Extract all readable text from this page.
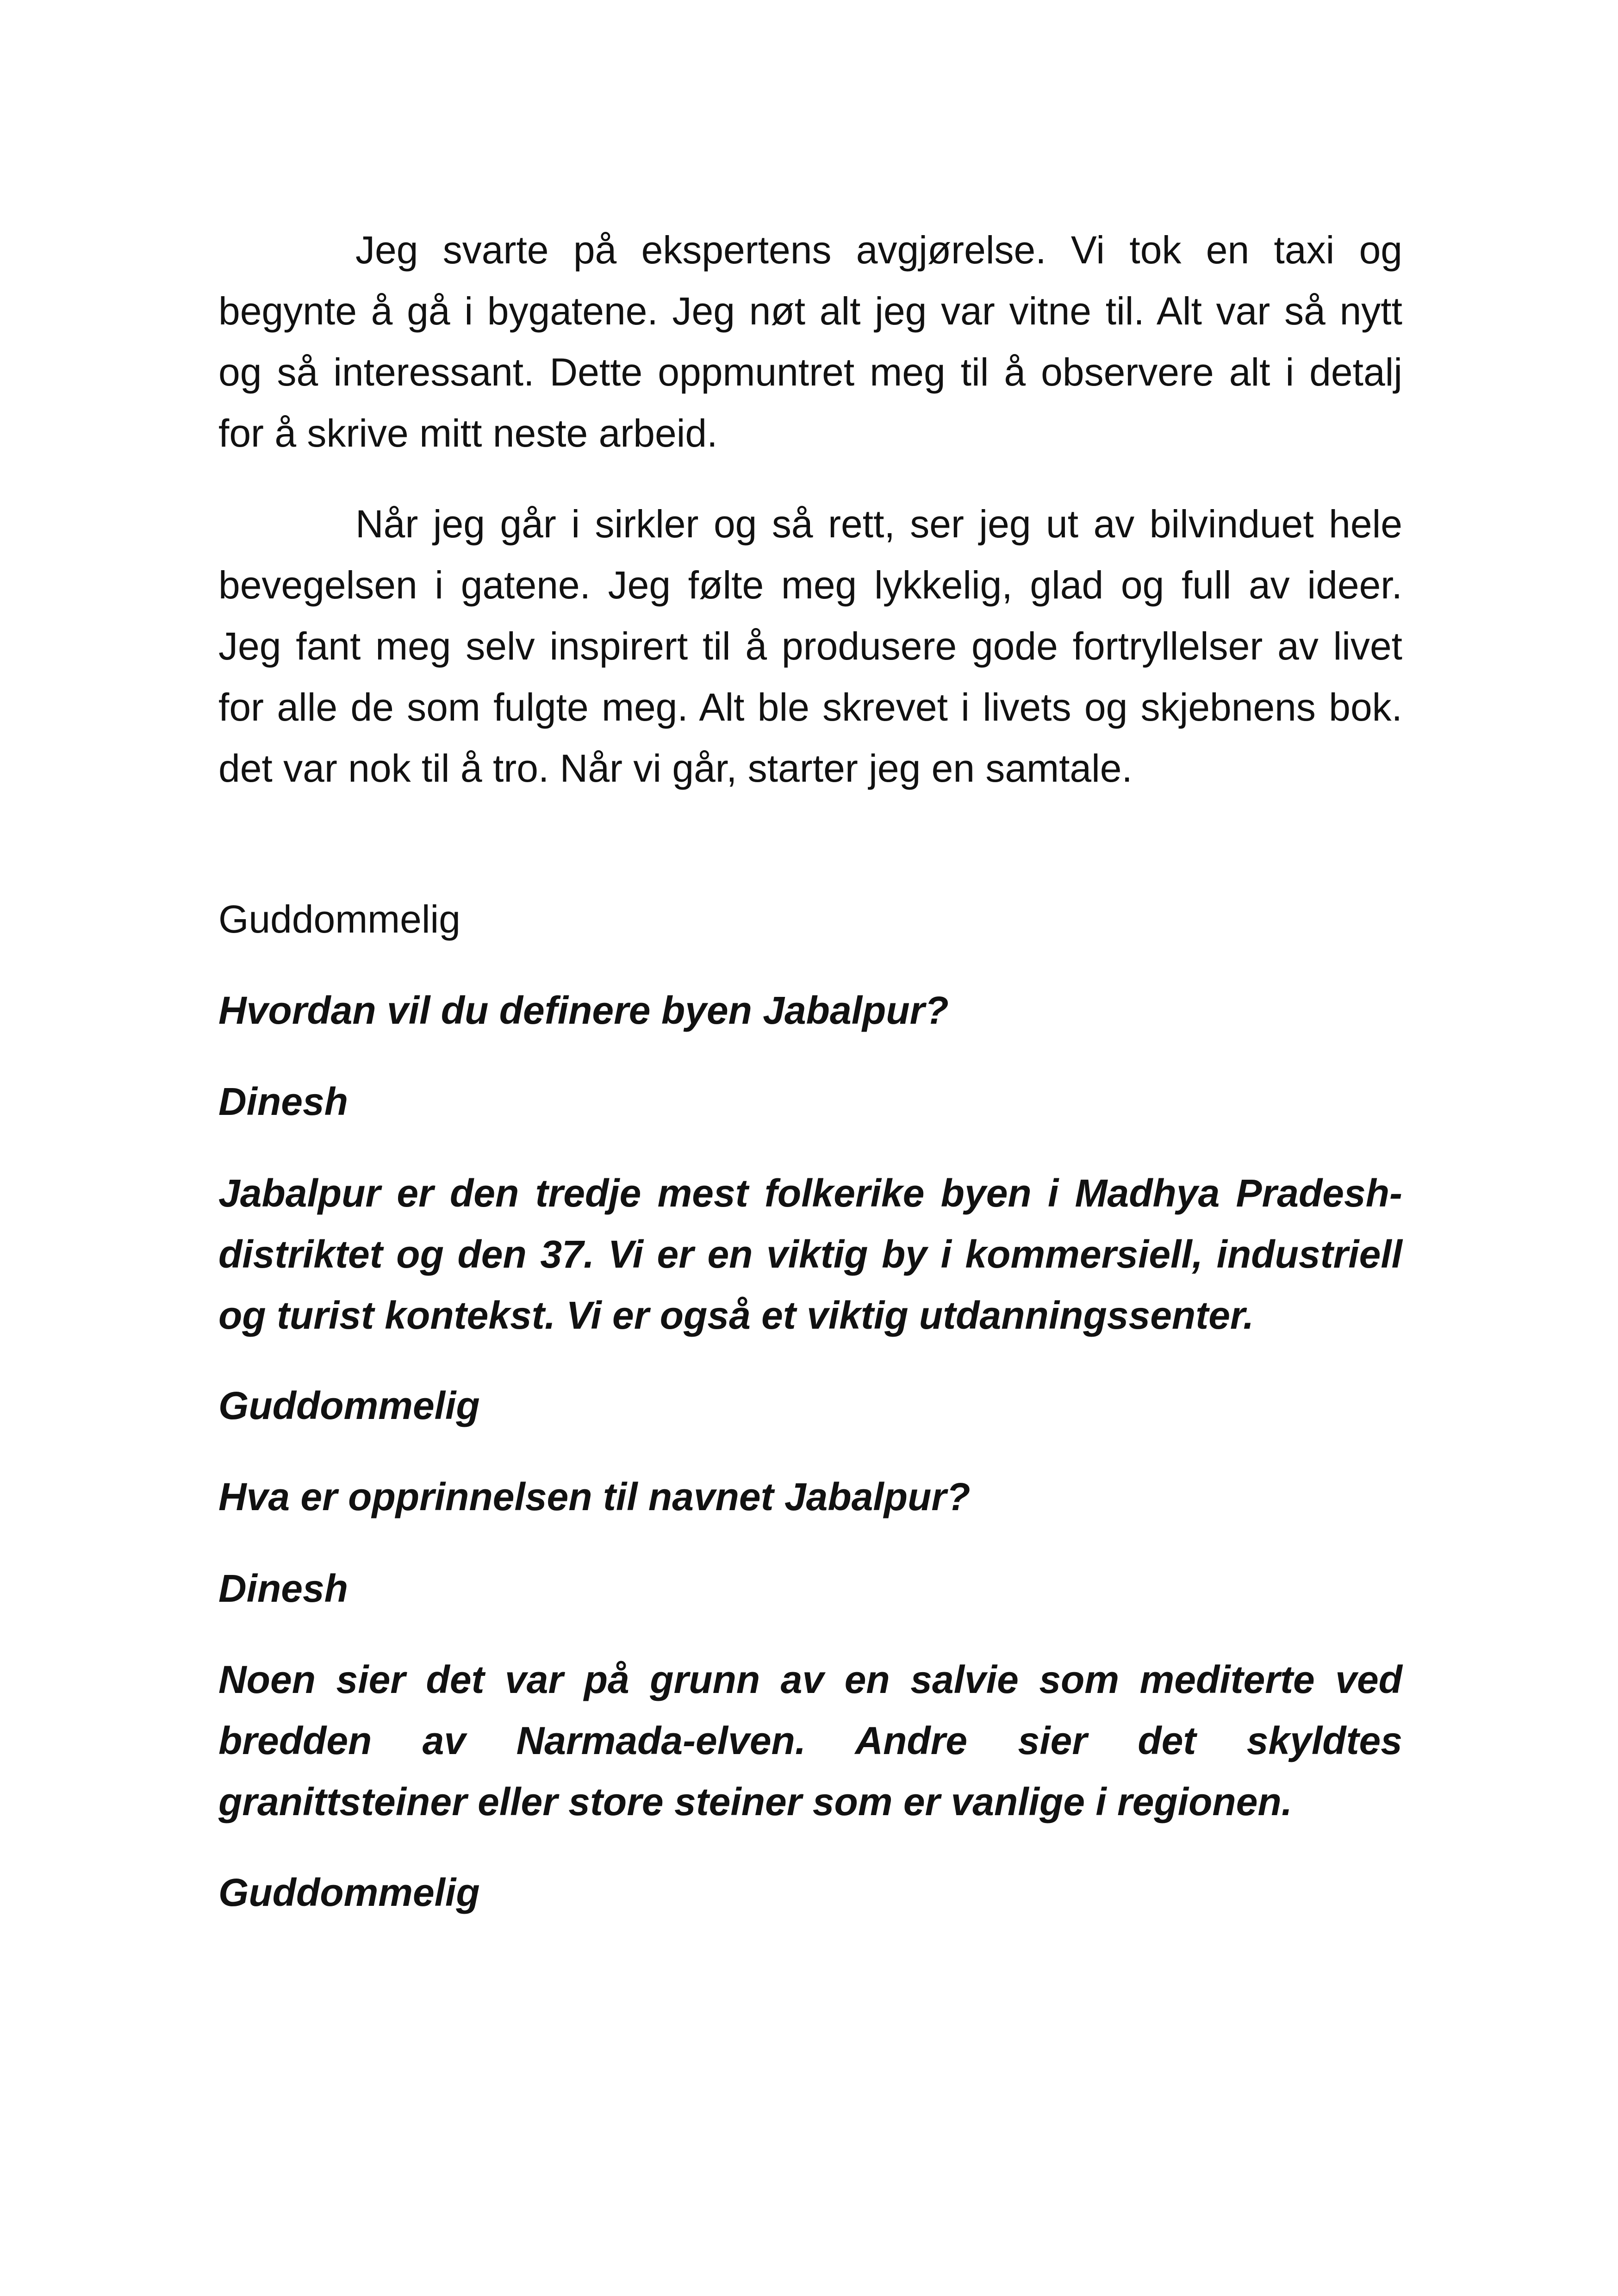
Jeg svarte på ekspertens avgjørelse. Vi tok en taxi og begynte å gå i bygatene. Jeg nøt alt jeg var vitne til. Alt var så nytt og så interessant. Dette oppmuntret meg til å observere alt i detalj for å skrive mitt neste arbeid.

Når jeg går i sirkler og så rett, ser jeg ut av bilvinduet hele bevegelsen i gatene. Jeg følte meg lykkelig, glad og full av ideer. Jeg fant meg selv inspirert til å produsere gode fortryllelser av livet for alle de som fulgte meg. Alt ble skrevet i livets og skjebnens bok. det var nok til å tro. Når vi går, starter jeg en samtale.

Guddommelig

Hvordan vil du definere byen Jabalpur?

Dinesh

Jabalpur er den tredje mest folkerike byen i Madhya Pradesh-distriktet og den 37. Vi er en viktig by i kommersiell, industriell og turist kontekst. Vi er også et viktig utdanningssenter.

Guddommelig

Hva er opprinnelsen til navnet Jabalpur?

Dinesh

Noen sier det var på grunn av en salvie som mediterte ved bredden av Narmada-elven. Andre sier det skyldtes granittsteiner eller store steiner som er vanlige i regionen.

Guddommelig
